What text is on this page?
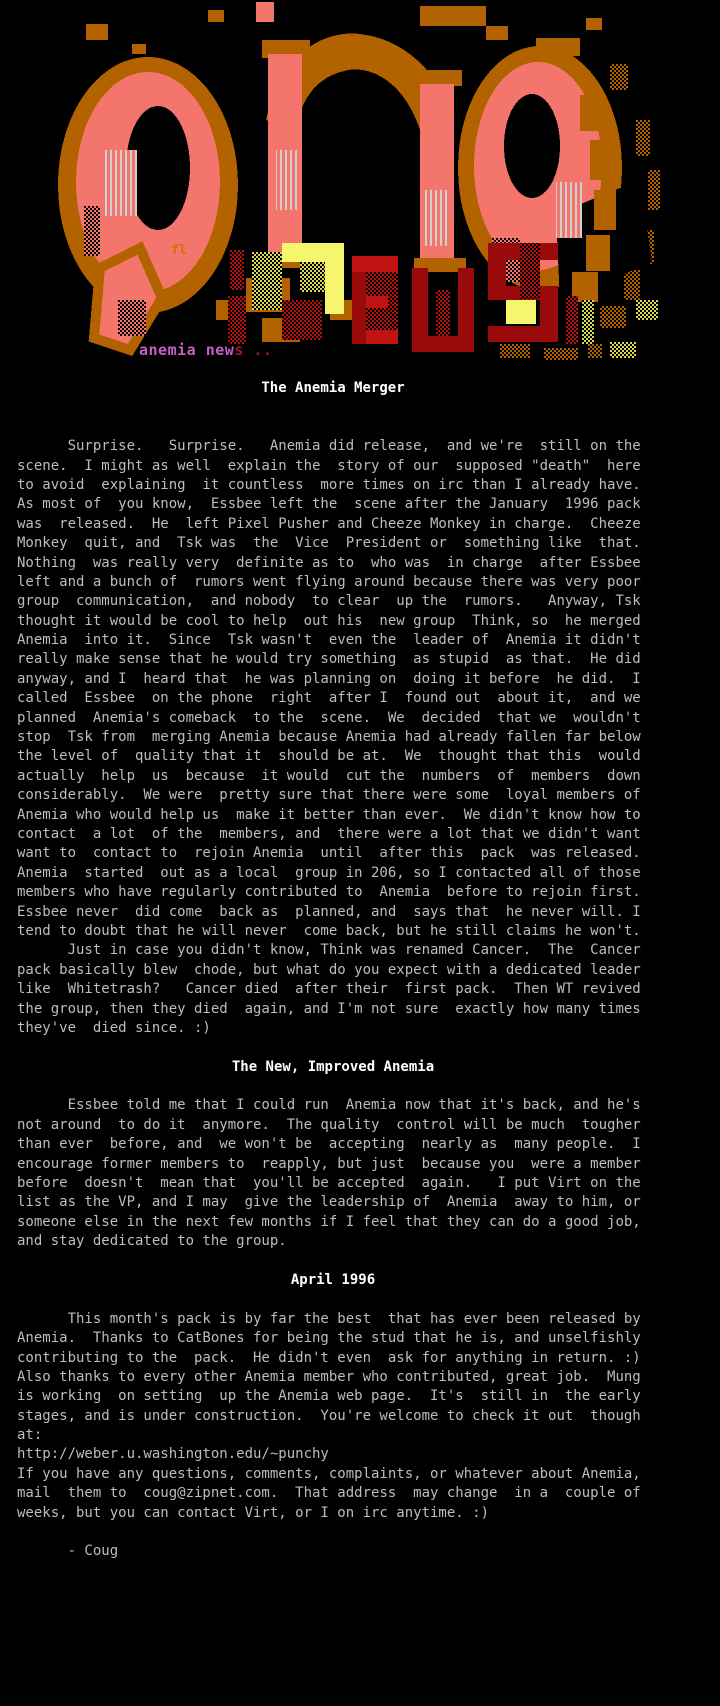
fl
anemia news ..
The Anemia Merger

Surprise.   Surprise.   Anemia did release,  and we're  still on the
scene.  I might as well  explain the  story of our  supposed "death"  here
to avoid  explaining  it countless  more times on irc than I already have.
As most of  you know,  Essbee left the  scene after the January  1996 pack
was  released.  He  left Pixel Pusher and Cheeze Monkey in charge.  Cheeze
Monkey  quit, and  Tsk was  the  Vice  President or  something like  that.
Nothing  was really very  definite as to  who was  in charge  after Essbee
left and a bunch of  rumors went flying around because there was very poor
group  communication,  and nobody  to clear  up the  rumors.   Anyway, Tsk
thought it would be cool to help  out his  new group  Think, so  he merged
Anemia  into it.  Since  Tsk wasn't  even the  leader of  Anemia it didn't
really make sense that he would try something  as stupid  as that.  He did
anyway, and I  heard that  he was planning on  doing it before  he did.  I
called  Essbee  on the phone  right  after I  found out  about it,  and we
planned  Anemia's comeback  to the  scene.  We  decided  that we  wouldn't
stop  Tsk from  merging Anemia because Anemia had already fallen far below
the level of  quality that it  should be at.  We  thought that this  would
actually  help  us  because  it would  cut the  numbers  of  members  down
considerably.  We were  pretty sure that there were some  loyal members of
Anemia who would help us  make it better than ever.  We didn't know how to
contact  a lot  of the  members, and  there were a lot that we didn't want
want to  contact to  rejoin Anemia  until  after this  pack  was released.
Anemia  started  out as a local  group in 206, so I contacted all of those
members who have regularly contributed to  Anemia  before to rejoin first.
Essbee never  did come  back as  planned, and  says that  he never will. I
tend to doubt that he will never  come back, but he still claims he won't.
Just in case you didn't know, Think was renamed Cancer.  The  Cancer
pack basically blew  chode, but what do you expect with a dedicated leader
like  Whitetrash?   Cancer died  after their  first pack.  Then WT revived
the group, then they died  again, and I'm not sure  exactly how many times
they've  died since. :)

The New, Improved Anemia

Essbee told me that I could run  Anemia now that it's back, and he's
not around  to do it  anymore.  The quality  control will be much  tougher
than ever  before, and  we won't be  accepting  nearly as  many people.  I
encourage former members to  reapply, but just  because you  were a member
before  doesn't  mean that  you'll be accepted  again.   I put Virt on the
list as the VP, and I may  give the leadership of  Anemia  away to him, or
someone else in the next few months if I feel that they can do a good job,
and stay dedicated to the group.

April 1996

This month's pack is by far the best  that has ever been released by
Anemia.  Thanks to CatBones for being the stud that he is, and unselfishly
contributing to the  pack.  He didn't even  ask for anything in return. :)
Also thanks to every other Anemia member who contributed, great job.  Mung
is working  on setting  up the Anemia web page.  It's  still in  the early
stages, and is under construction.  You're welcome to check it out  though
at:
http://weber.u.washington.edu/~punchy
If you have any questions, comments, complaints, or whatever about Anemia,
mail  them to  coug@zipnet.com.  That address  may change  in a  couple of
weeks, but you can contact Virt, or I on irc anytime. :)

- Coug
